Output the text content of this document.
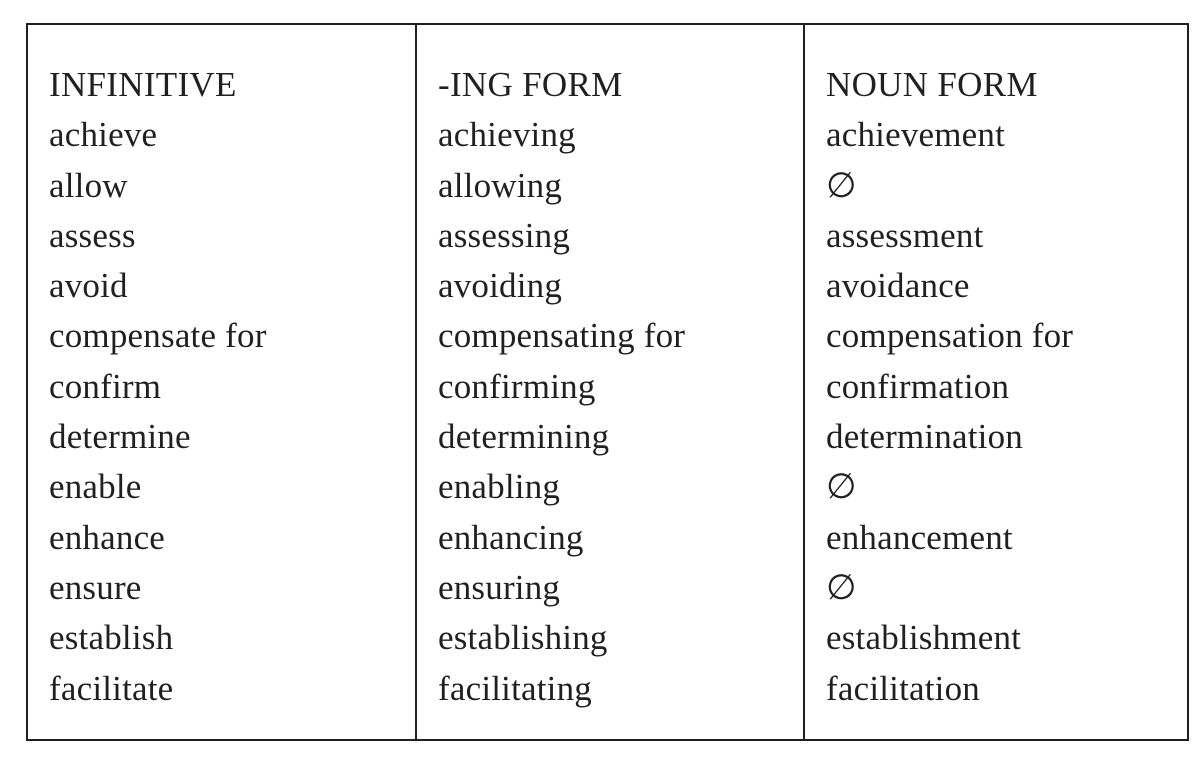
INFINITIVE
achieve
allow
assess
avoid
compensate for
confirm
determine
enable
enhance
ensure
establish
facilitate
-ING FORM
achieving
allowing
assessing
avoiding
compensating for
confirming
determining
enabling
enhancing
ensuring
establishing
facilitating
NOUN FORM
achievement
∅
assessment
avoidance
compensation for
confirmation
determination
∅
enhancement
∅
establishment
facilitation
